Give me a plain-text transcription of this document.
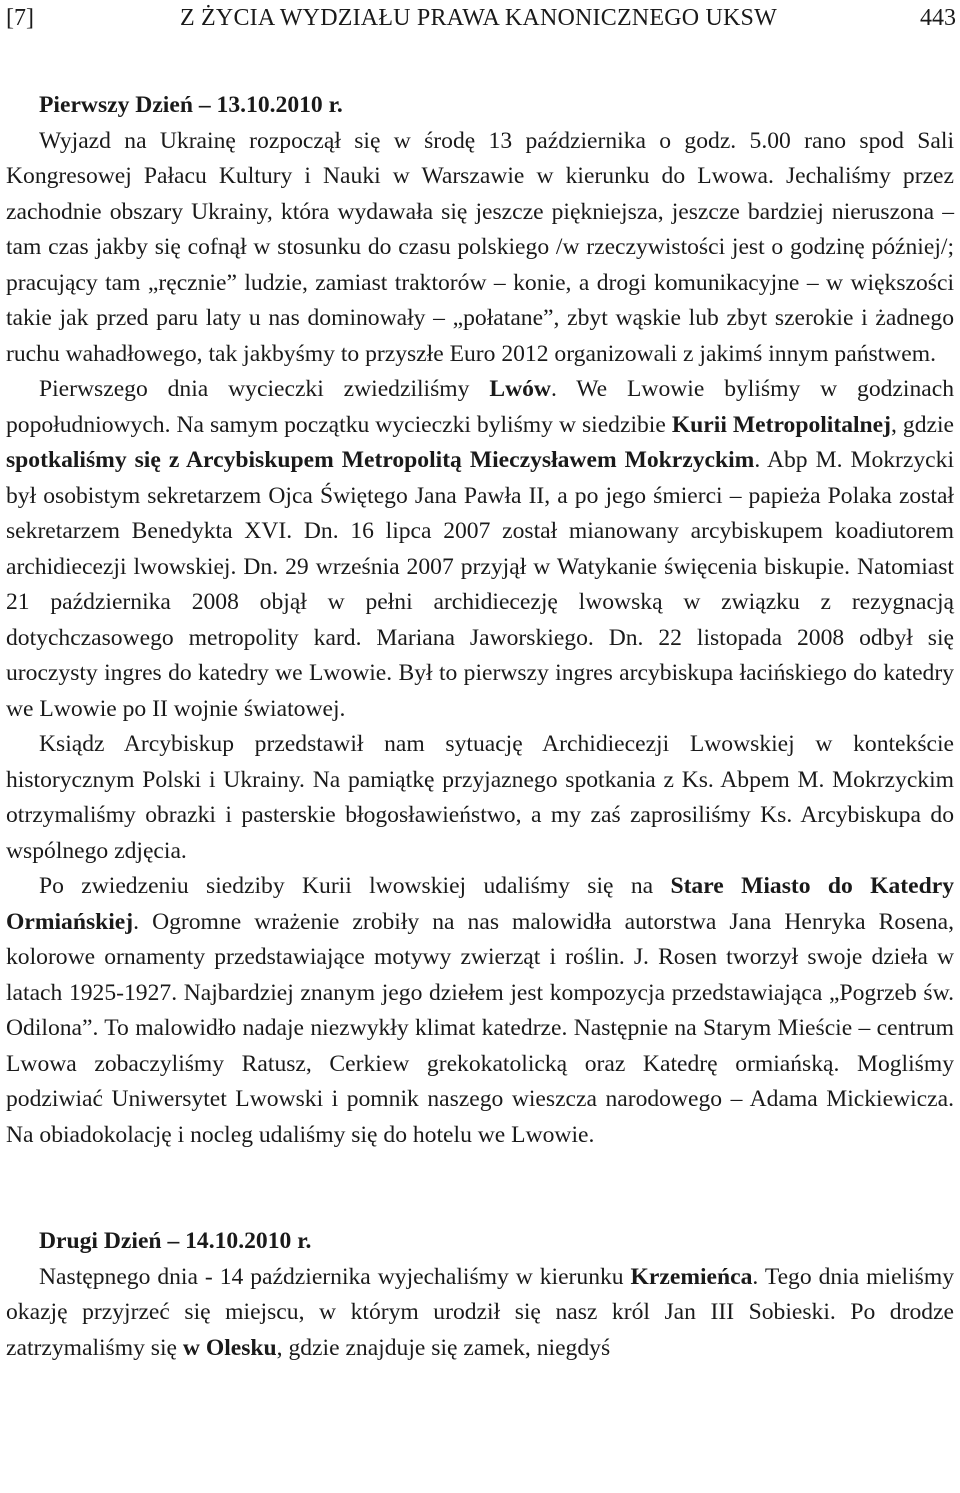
[7]	Z ŻYCIA WYDZIAŁU PRAWA KANONICZNEGO UKSW	443
Pierwszy Dzień – 13.10.2010 r.

Wyjazd na Ukrainę rozpoczął się w środę 13 października o godz. 5.00 rano spod Sali Kongresowej Pałacu Kultury i Nauki w Warszawie w kierunku do Lwowa. Jechaliśmy przez zachodnie obszary Ukrainy, która wydawała się jeszcze piękniejsza, jeszcze bardziej nieruszona – tam czas jakby się cofnął w stosunku do czasu polskiego /w rzeczywistości jest o godzinę później/; pracujący tam „ręcznie” ludzie, zamiast traktorów – konie, a drogi komunikacyjne – w większości takie jak przed paru laty u nas dominowały – „połatane”, zbyt wąskie lub zbyt szerokie i żadnego ruchu wahadłowego, tak jakbyśmy to przyszłe Euro 2012 organizowali z jakimś innym państwem.

Pierwszego dnia wycieczki zwiedziliśmy Lwów. We Lwowie byliśmy w godzinach popołudniowych. Na samym początku wycieczki byliśmy w siedzibie Kurii Metropolitalnej, gdzie spotkaliśmy się z Arcybiskupem Metropolitą Mieczysławem Mokrzyckim. Abp M. Mokrzycki był osobistym sekretarzem Ojca Świętego Jana Pawła II, a po jego śmierci – papieża Polaka został sekretarzem Benedykta XVI. Dn. 16 lipca 2007 został mianowany arcybiskupem koadiutorem archidiecezji lwowskiej. Dn. 29 września 2007 przyjął w Watykanie święcenia biskupie. Natomiast 21 października 2008 objął w pełni archidiecezję lwowską w związku z rezygnacją dotychczasowego metropolity kard. Mariana Jaworskiego. Dn. 22 listopada 2008 odbył się uroczysty ingres do katedry we Lwowie. Był to pierwszy ingres arcybiskupa łacińskiego do katedry we Lwowie po II wojnie światowej.

Ksiądz Arcybiskup przedstawił nam sytuację Archidiecezji Lwowskiej w kontekście historycznym Polski i Ukrainy. Na pamiątkę przyjaznego spotkania z Ks. Abpem M. Mokrzyckim otrzymaliśmy obrazki i pasterskie błogosławieństwo, a my zaś zaprosiliśmy Ks. Arcybiskupa do wspólnego zdjęcia.

Po zwiedzeniu siedziby Kurii lwowskiej udaliśmy się na Stare Miasto do Katedry Ormiańskiej. Ogromne wrażenie zrobiły na nas malowidła autorstwa Jana Henryka Rosena, kolorowe ornamenty przedstawiające motywy zwierząt i roślin. J. Rosen tworzył swoje dzieła w latach 1925-1927. Najbardziej znanym jego dziełem jest kompozycja przedstawiająca „Pogrzeb św. Odilona”. To malowidło nadaje niezwykły klimat katedrze. Następnie na Starym Mieście – centrum Lwowa zobaczyliśmy Ratusz, Cerkiew grekokatolicką oraz Katedrę ormiańską. Mogliśmy podziwiać Uniwersytet Lwowski i pomnik naszego wieszcza narodowego – Adama Mickiewicza. Na obiadokolację i nocleg udaliśmy się do hotelu we Lwowie.

Drugi Dzień – 14.10.2010 r.

Następnego dnia - 14 października wyjechaliśmy w kierunku Krzemieńca. Tego dnia mieliśmy okazję przyjrzeć się miejscu, w którym urodził się nasz król Jan III Sobieski. Po drodze zatrzymaliśmy się w Olesku, gdzie znajduje się zamek, niegdyś
